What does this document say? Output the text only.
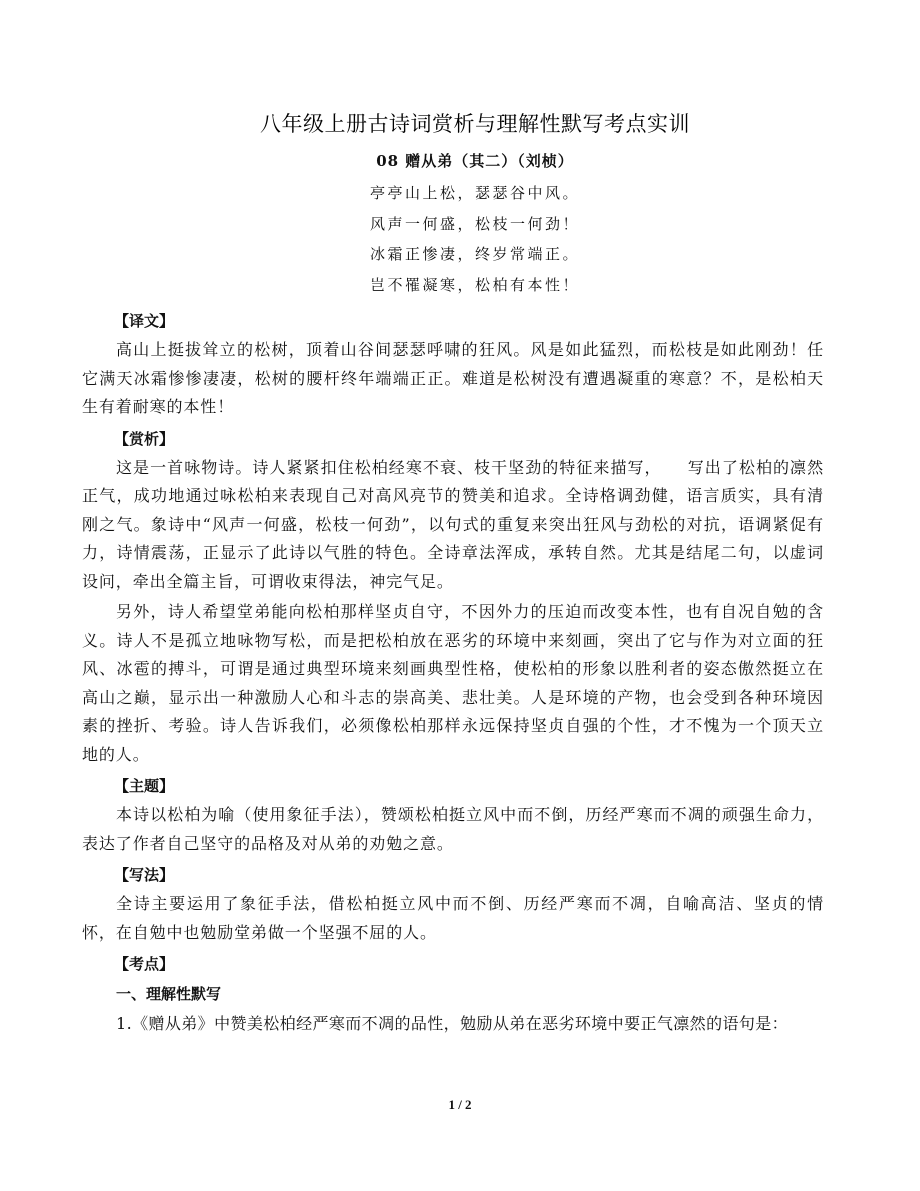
八年级上册古诗词赏析与理解性默写考点实训
08 赠从弟（其二）（刘桢）
亭亭山上松，瑟瑟谷中风。
风声一何盛，松枝一何劲！
冰霜正惨凄，终岁常端正。
岂不罹凝寒，松柏有本性！
【译文】
高山上挺拔耸立的松树，顶着山谷间瑟瑟呼啸的狂风。风是如此猛烈，而松枝是如此刚劲！任它满天冰霜惨惨凄凄，松树的腰杆终年端端正正。难道是松树没有遭遇凝重的寒意？不，是松柏天生有着耐寒的本性！
【赏析】
这是一首咏物诗。诗人紧紧扣住松柏经寒不衰、枝干坚劲的特征来描写， 写出了松柏的凛然正气，成功地通过咏松柏来表现自己对高风亮节的赞美和追求。全诗格调劲健，语言质实，具有清刚之气。象诗中“风声一何盛，松枝一何劲”，以句式的重复来突出狂风与劲松的对抗，语调紧促有力，诗情震荡，正显示了此诗以气胜的特色。全诗章法浑成，承转自然。尤其是结尾二句，以虚词设问，牵出全篇主旨，可谓收束得法，神完气足。
另外，诗人希望堂弟能向松柏那样坚贞自守，不因外力的压迫而改变本性，也有自况自勉的含义。诗人不是孤立地咏物写松，而是把松柏放在恶劣的环境中来刻画，突出了它与作为对立面的狂风、冰雹的搏斗，可谓是通过典型环境来刻画典型性格，使松柏的形象以胜利者的姿态傲然挺立在高山之巅，显示出一种激励人心和斗志的崇高美、悲壮美。人是环境的产物，也会受到各种环境因素的挫折、考验。诗人告诉我们，必须像松柏那样永远保持坚贞自强的个性，才不愧为一个顶天立地的人。
【主题】
本诗以松柏为喻（使用象征手法），赞颂松柏挺立风中而不倒，历经严寒而不凋的顽强生命力，表达了作者自己坚守的品格及对从弟的劝勉之意。
【写法】
全诗主要运用了象征手法，借松柏挺立风中而不倒、历经严寒而不凋，自喻高洁、坚贞的情怀，在自勉中也勉励堂弟做一个坚强不屈的人。
【考点】
一、理解性默写
1.《赠从弟》中赞美松柏经严寒而不凋的品性，勉励从弟在恶劣环境中要正气凛然的语句是：
1 / 2
